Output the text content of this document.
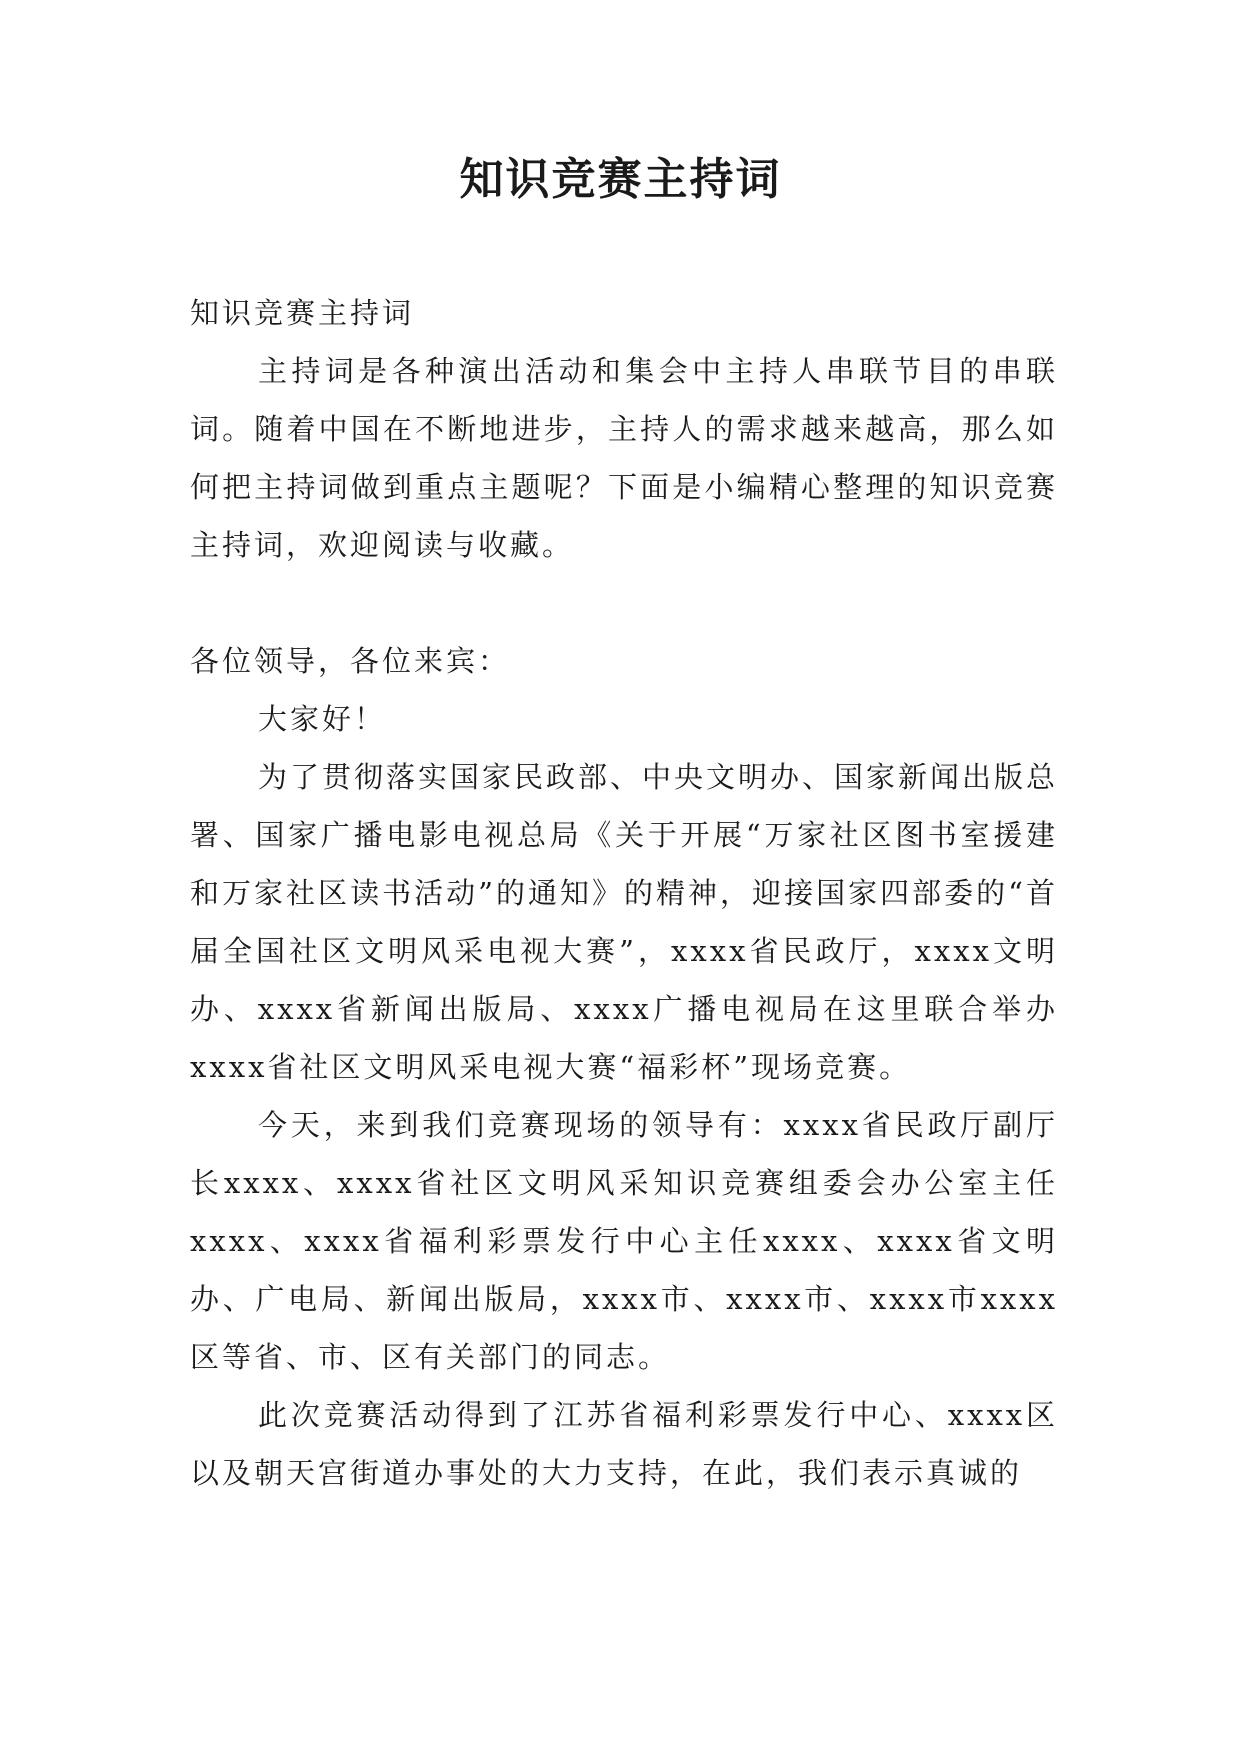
知识竞赛主持词

知识竞赛主持词

主持词是各种演出活动和集会中主持人串联节目的串联词。随着中国在不断地进步，主持人的需求越来越高，那么如何把主持词做到重点主题呢？下面是小编精心整理的知识竞赛主持词，欢迎阅读与收藏。

各位领导，各位来宾：

大家好！

为了贯彻落实国家民政部、中央文明办、国家新闻出版总署、国家广播电影电视总局《关于开展“万家社区图书室援建和万家社区读书活动”的通知》的精神，迎接国家四部委的“首届全国社区文明风采电视大赛”，xxxx省民政厅，xxxx文明办、xxxx省新闻出版局、xxxx广播电视局在这里联合举办xxxx省社区文明风采电视大赛“福彩杯”现场竞赛。

今天，来到我们竞赛现场的领导有：xxxx省民政厅副厅长xxxx、xxxx省社区文明风采知识竞赛组委会办公室主任xxxx、xxxx省福利彩票发行中心主任xxxx、xxxx省文明办、广电局、新闻出版局，xxxx市、xxxx市、xxxx市xxxx区等省、市、区有关部门的同志。

此次竞赛活动得到了江苏省福利彩票发行中心、xxxx区以及朝天宫街道办事处的大力支持，在此，我们表示真诚的
